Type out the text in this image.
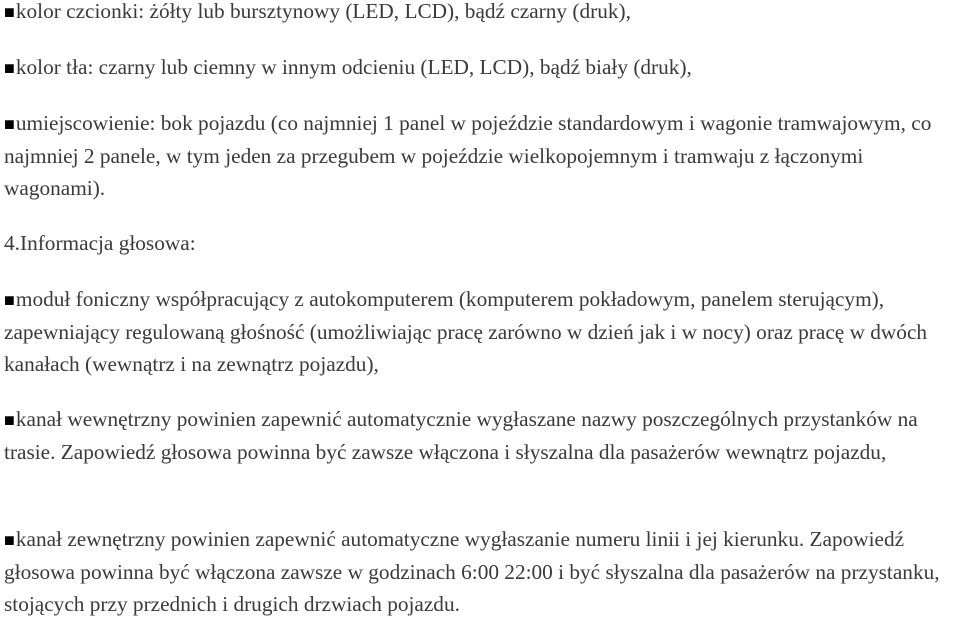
■kolor czcionki: żółty lub bursztynowy (LED, LCD), bądź czarny (druk),

■kolor tła: czarny lub ciemny w innym odcieniu (LED, LCD), bądź biały (druk),

■umiejscowienie: bok pojazdu (co najmniej 1 panel w pojeździe standardowym i wagonie tramwajowym, co najmniej 2 panele, w tym jeden za przegubem w pojeździe wielkopojemnym i tramwaju z łączonymi wagonami).

4.Informacja głosowa:

■moduł foniczny współpracujący z autokomputerem (komputerem pokładowym, panelem sterującym), zapewniający regulowaną głośność (umożliwiając pracę zarówno w dzień jak i w nocy) oraz pracę w dwóch kanałach (wewnątrz i na zewnątrz pojazdu),

■kanał wewnętrzny powinien zapewnić automatycznie wygłaszane nazwy poszczególnych przystanków na trasie. Zapowiedź głosowa powinna być zawsze włączona i słyszalna dla pasażerów wewnątrz pojazdu,

■kanał zewnętrzny powinien zapewnić automatyczne wygłaszanie numeru linii i jej kierunku. Zapowiedź głosowa powinna być włączona zawsze w godzinach 6:00 22:00 i być słyszalna dla pasażerów na przystanku, stojących przy przednich i drugich drzwiach pojazdu.
